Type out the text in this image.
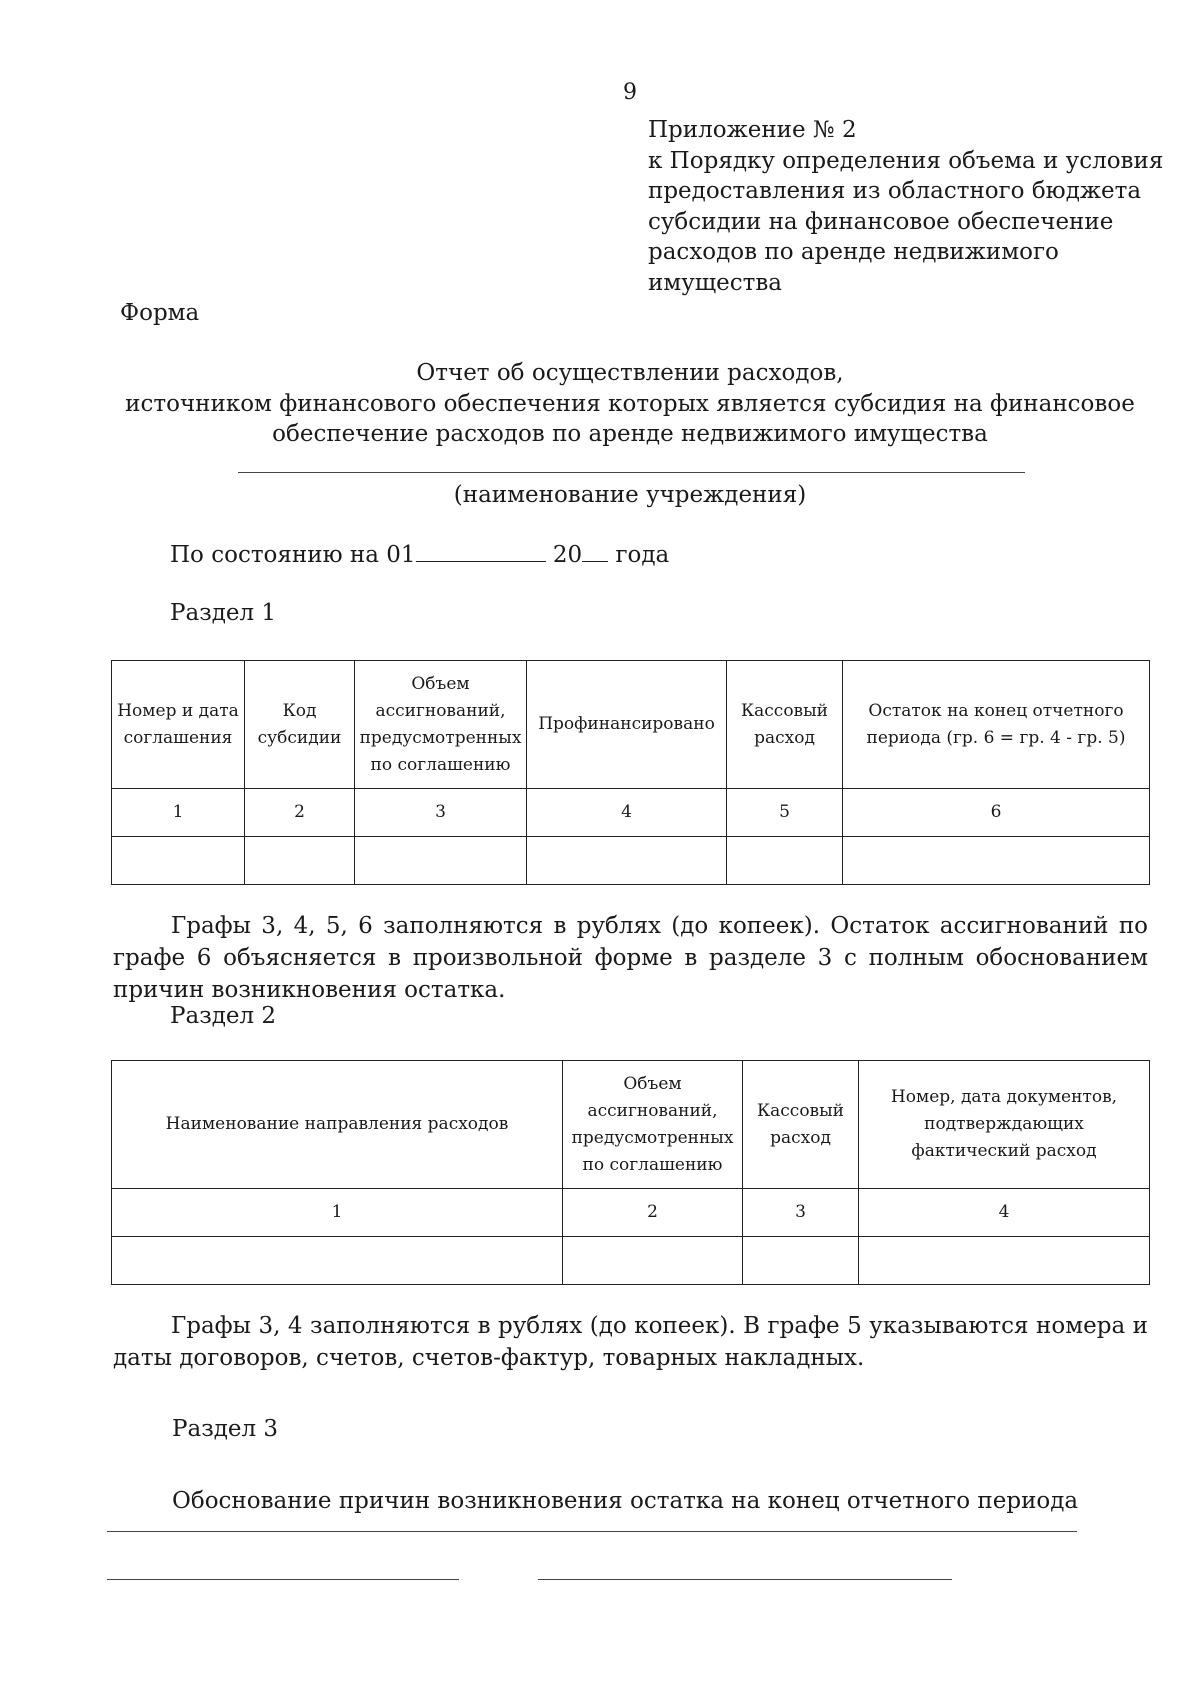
9
Приложение № 2
к Порядку определения объема и условия
предоставления из областного бюджета
субсидии на финансовое обеспечение
расходов по аренде недвижимого
имущества
Форма
Отчет об осуществлении расходов,
источником финансового обеспечения которых является субсидия на финансовое
обеспечение расходов по аренде недвижимого имущества
(наименование учреждения)
По состоянию на 01	20 года
Раздел 1
Номер и дата соглашения	Код субсидии	Объем ассигнований, предусмотренных по соглашению	Профинансировано	Кассовый расход	Остаток на конец отчетного периода (гр. 6 = гр. 4 - гр. 5)
1	2	3	4	5	6

Графы 3, 4, 5, 6 заполняются в рублях (до копеек). Остаток ассигнований по графе 6 объясняется в произвольной форме в разделе 3 с полным обоснованием причин возникновения остатка.
Раздел 2
Наименование направления расходов	Объем ассигнований, предусмотренных по соглашению	Кассовый расход	Номер, дата документов, подтверждающих фактический расход
1	2	3	4

Графы 3, 4 заполняются в рублях (до копеек). В графе 5 указываются номера и даты договоров, счетов, счетов-фактур, товарных накладных.
Раздел 3
Обоснование причин возникновения остатка на конец отчетного периода
